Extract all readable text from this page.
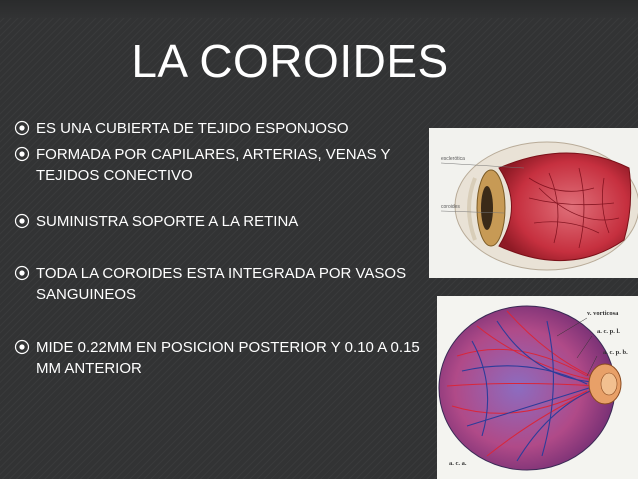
LA COROIDES
ES UNA CUBIERTA DE TEJIDO ESPONJOSO
FORMADA POR CAPILARES, ARTERIAS, VENAS Y TEJIDOS CONECTIVO
SUMINISTRA SOPORTE A LA RETINA
TODA LA COROIDES ESTA INTEGRADA POR VASOS SANGUINEOS
MIDE 0.22MM EN POSICION POSTERIOR Y 0.10 A 0.15 MM ANTERIOR
esclerótica
coroides
v. vorticosa
a. c. p. l.
a. c. p. b.
a. c. a.
